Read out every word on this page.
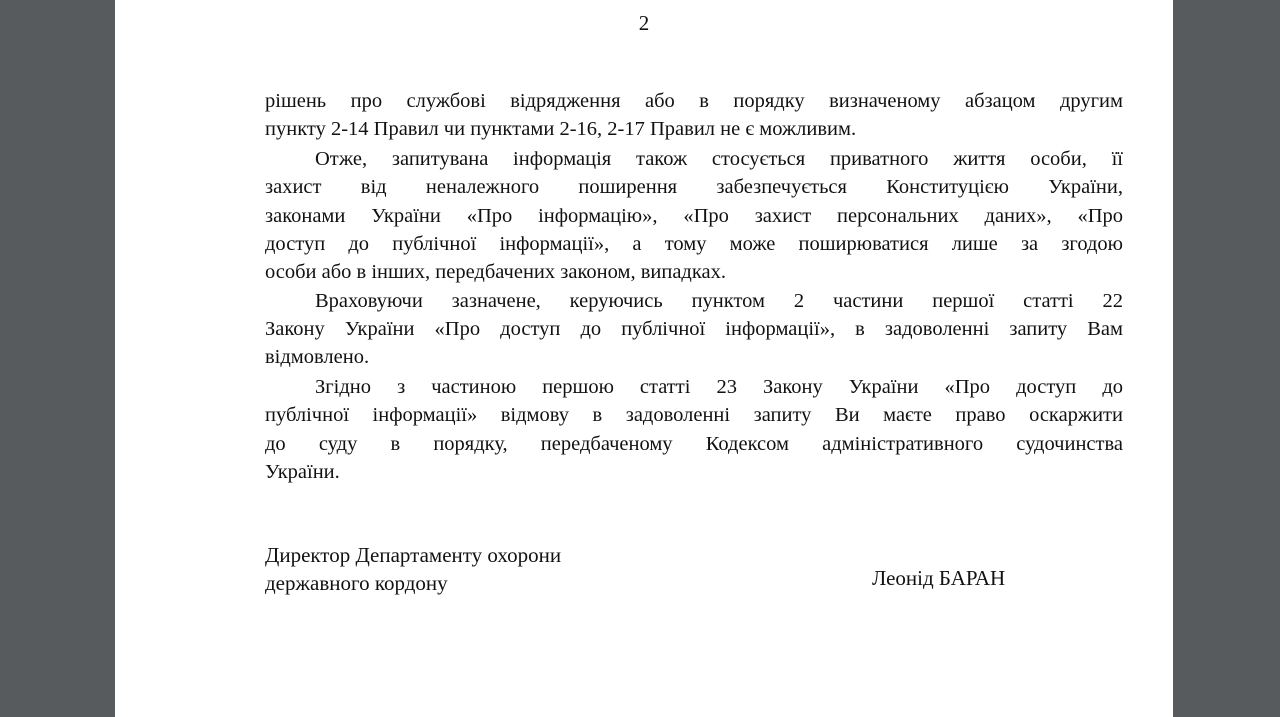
2
рішень про службові відрядження або в порядку визначеному абзацом другим
пункту 2-14 Правил чи пунктами 2-16, 2-17 Правил не є можливим.
Отже, запитувана інформація також стосується приватного життя особи, її
захист від неналежного поширення забезпечується Конституцією України,
законами України «Про інформацію», «Про захист персональних даних», «Про
доступ до публічної інформації», а тому може поширюватися лише за згодою
особи або в інших, передбачених законом, випадках.
Враховуючи зазначене, керуючись пунктом 2 частини першої статті 22
Закону України «Про доступ до публічної інформації», в задоволенні запиту Вам
відмовлено.
Згідно з частиною першою статті 23 Закону України «Про доступ до
публічної інформації» відмову в задоволенні запиту Ви маєте право оскаржити
до суду в порядку, передбаченому Кодексом адміністративного судочинства
України.
Директор Департаменту охорони
державного кордону	Леонід БАРАН
